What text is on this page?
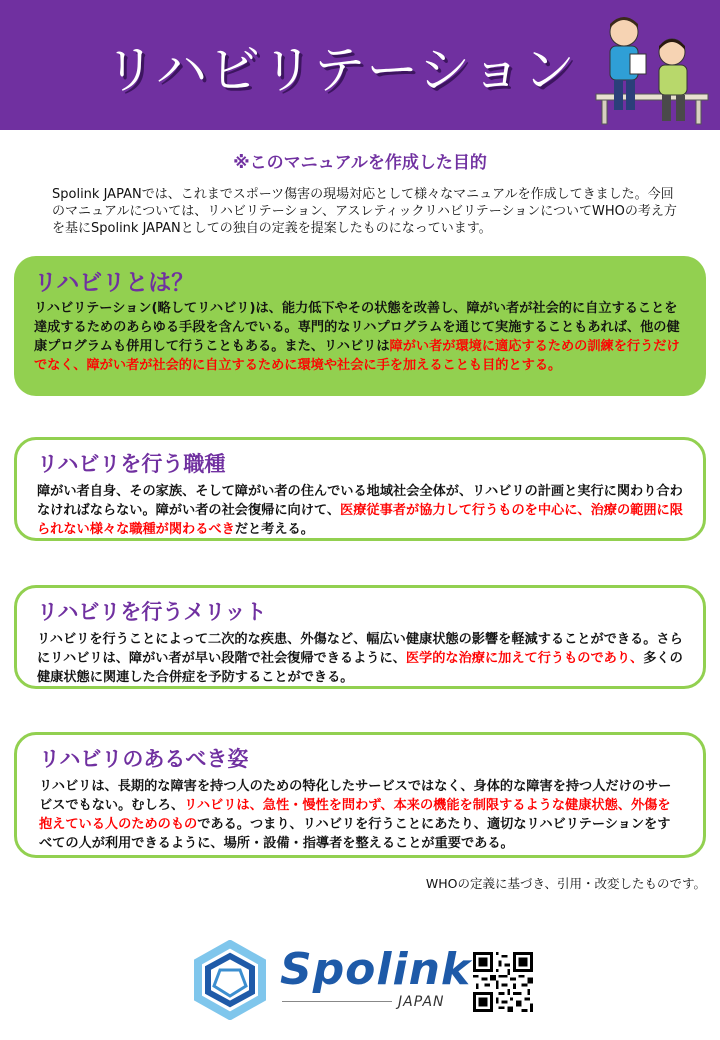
リハビリテーション
※このマニュアルを作成した目的
Spolink JAPANでは、これまでスポーツ傷害の現場対応として様々なマニュアルを作成してきました。今回のマニュアルについては、リハビリテーション、アスレティックリハビリテーションについてWHOの考え方を基にSpolink JAPANとしての独自の定義を提案したものになっています。
リハビリとは？
リハビリテーション(略してリハビリ)は、能力低下やその状態を改善し、障がい者が社会的に自立することを達成するためのあらゆる手段を含んでいる。専門的なリハプログラムを通じて実施することもあれば、他の健康プログラムも併用して行うこともある。また、リハビリは障がい者が環境に適応するための訓練を行うだけでなく、障がい者が社会的に自立するために環境や社会に手を加えることも目的とする。
リハビリを行う職種
障がい者自身、その家族、そして障がい者の住んでいる地域社会全体が、リハビリの計画と実行に関わり合わなければならない。障がい者の社会復帰に向けて、医療従事者が協力して行うものを中心に、治療の範囲に限られない様々な職種が関わるべきだと考える。
リハビリを行うメリット
リハビリを行うことによって二次的な疾患、外傷など、幅広い健康状態の影響を軽減することができる。さらにリハビリは、障がい者が早い段階で社会復帰できるように、医学的な治療に加えて行うものであり、多くの健康状態に関連した合併症を予防することができる。
リハビリのあるべき姿
リハビリは、長期的な障害を持つ人のための特化したサービスではなく、身体的な障害を持つ人だけのサービスでもない。むしろ、リハビリは、急性・慢性を問わず、本来の機能を制限するような健康状態、外傷を抱えている人のためのものである。つまり、リハビリを行うことにあたり、適切なリハビリテーションをすべての人が利用できるように、場所・設備・指導者を整えることが重要である。
WHOの定義に基づき、引用・改変したものです。
Spolink
JAPAN
